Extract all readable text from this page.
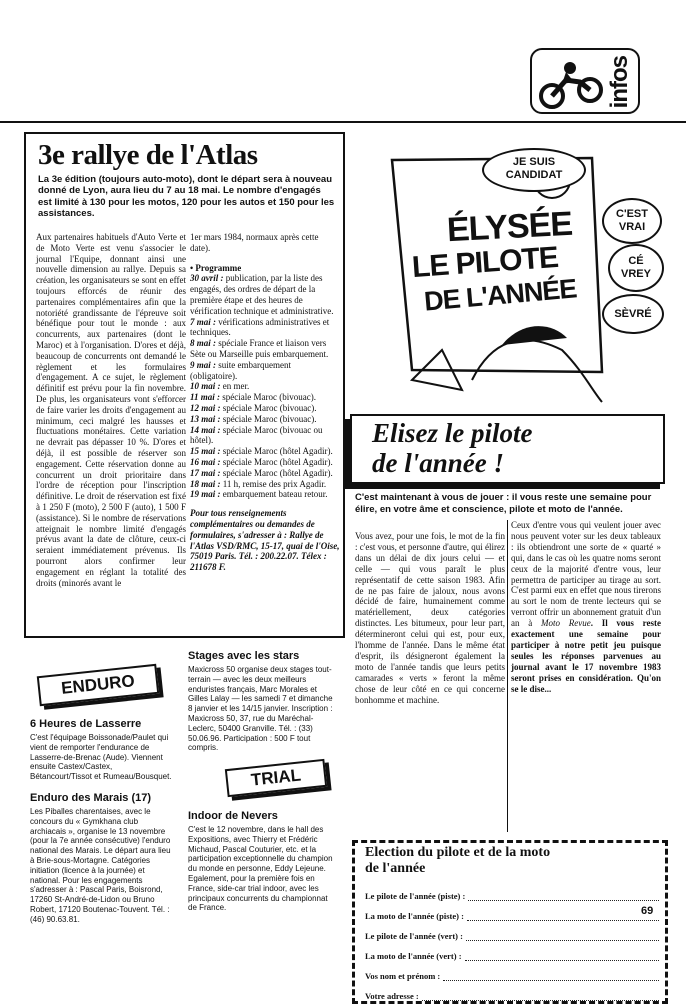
infos
3e rallye de l'Atlas
La 3e édition (toujours auto-moto), dont le départ sera à nouveau donné de Lyon, aura lieu du 7 au 18 mai. Le nombre d'engagés est limité à 130 pour les motos, 120 pour les autos et 150 pour les assistances.
Aux partenaires habituels d'Auto Verte et de Moto Verte est venu s'associer le journal l'Equipe, donnant ainsi une nouvelle dimension au rallye. Depuis sa création, les organisateurs se sont en effet toujours efforcés de réunir des partenaires complémentaires afin que la notoriété grandissante de l'épreuve soit bénéfique pour tout le monde : aux concurrents, aux partenaires (dont le Maroc) et à l'organisation. D'ores et déjà, beaucoup de concurrents ont demandé le règlement et les formulaires d'engagement. A ce sujet, le règlement définitif est prévu pour la fin novembre. De plus, les organisateurs vont s'efforcer de faire varier les droits d'engagement au minimum, ceci malgré les hausses et fluctuations monétaires. Cette variation ne devrait pas dépasser 10 %. D'ores et déjà, il est possible de réserver son engagement. Cette réservation donne au concurrent un droit prioritaire dans l'ordre de réception pour l'inscription définitive. Le droit de réservation est fixé à 1 250 F (moto), 2 500 F (auto), 1 500 F (assistance). Si le nombre de réservations atteignait le nombre limité d'engagés prévus avant la date de clôture, ceux-ci seraient immédiatement prévenus. Ils pourront alors confirmer leur engagement en réglant la totalité des droits (minorés avant le

1er mars 1984, normaux après cette date).

• Programme

30 avril : publication, par la liste des engagés, des ordres de départ de la première étape et des heures de vérification technique et administrative.

7 mai : vérifications administratives et techniques.

8 mai : spéciale France et liaison vers Sète ou Marseille puis embarquement.

9 mai : suite embarquement (obligatoire).

10 mai : en mer.

11 mai : spéciale Maroc (bivouac).

12 mai : spéciale Maroc (bivouac).

13 mai : spéciale Maroc (bivouac).

14 mai : spéciale Maroc (bivouac ou hôtel).

15 mai : spéciale Maroc (hôtel Agadir).

16 mai : spéciale Maroc (hôtel Agadir).

17 mai : spéciale Maroc (hôtel Agadir).

18 mai : 11 h, remise des prix Agadir.

19 mai : embarquement bateau retour.

Pour tous renseignements complémentaires ou demandes de formulaires, s'adresser à : Rallye de l'Atlas VSD/RMC, 15-17, quai de l'Oise, 75019 Paris. Tél. : 200.22.07. Télex : 211678 F.

ENDURO
6 Heures de Lasserre
C'est l'équipage Boissonade/Paulet qui vient de remporter l'endurance de Lasserre-de-Brenac (Aude). Viennent ensuite Castex/Castex, Bétancourt/Tissot et Rumeau/Bousquet.
Enduro des Marais (17)
Les Piballes charentaises, avec le concours du « Gymkhana club archiacais », organise le 13 novembre (pour la 7e année consécutive) l'enduro national des Marais. Le départ aura lieu à Brie-sous-Mortagne. Catégories initiation (licence à la journée) et national. Pour les engagements s'adresser à : Pascal Paris, Boisrond, 17260 St-André-de-Lidon ou Bruno Robert, 17120 Boutenac-Touvent. Tél. : (46) 90.63.81.
Stages avec les stars
Maxicross 50 organise deux stages tout-terrain — avec les deux meilleurs enduristes français, Marc Morales et Gilles Lalay — les samedi 7 et dimanche 8 janvier et les 14/15 janvier. Inscription : Maxicross 50, 37, rue du Maréchal-Leclerc, 50400 Granville. Tél. : (33) 50.06.96. Participation : 500 F tout compris.
TRIAL
Indoor de Nevers
C'est le 12 novembre, dans le hall des Expositions, avec Thierry et Frédéric Michaud, Pascal Couturier, etc. et la participation exceptionnelle du champion du monde en personne, Eddy Lejeune. Egalement, pour la première fois en France, side-car trial indoor, avec les principaux concurrents du championnat de France.
ÉLYSÉE
LE PILOTE
DE L'ANNÉE
JE SUIS CANDIDAT
C'EST VRAI
CÉ VREY
SÈVRÉ
Elisez le pilote
de l'année !
C'est maintenant à vous de jouer : il vous reste une semaine pour élire, en votre âme et conscience, pilote et moto de l'année.
Vous avez, pour une fois, le mot de la fin : c'est vous, et personne d'autre, qui élirez dans un délai de dix jours celui — et celle — qui vous paraît le plus représentatif de cette saison 1983. Afin de ne pas faire de jaloux, nous avons décidé de faire, humainement comme matériellement, deux catégories distinctes. Les bitumeux, pour leur part, détermineront celui qui est, pour eux, l'homme de l'année. Dans le même état d'esprit, ils désigneront également la moto de l'année tandis que leurs petits camarades « verts » feront la même chose de leur côté en ce qui concerne bonhomme et machine.
Ceux d'entre vous qui veulent jouer avec nous peuvent voter sur les deux tableaux : ils obtiendront une sorte de « quarté » qui, dans le cas où les quatre noms seront ceux de la majorité d'entre vous, leur permettra de participer au tirage au sort. C'est parmi eux en effet que nous tirerons au sort le nom de trente lecteurs qui se verront offrir un abonnement gratuit d'un an à Moto Revue. Il vous reste exactement une semaine pour participer à notre petit jeu puisque seules les réponses parvenues au journal avant le 17 novembre 1983 seront prises en considération. Qu'on se le dise...
Election du pilote et de la moto
de l'année
Le pilote de l'année (piste) :
La moto de l'année (piste) :
Le pilote de l'année (vert) :
La moto de l'année (vert) :
Vos nom et prénom :
Votre adresse :
69
